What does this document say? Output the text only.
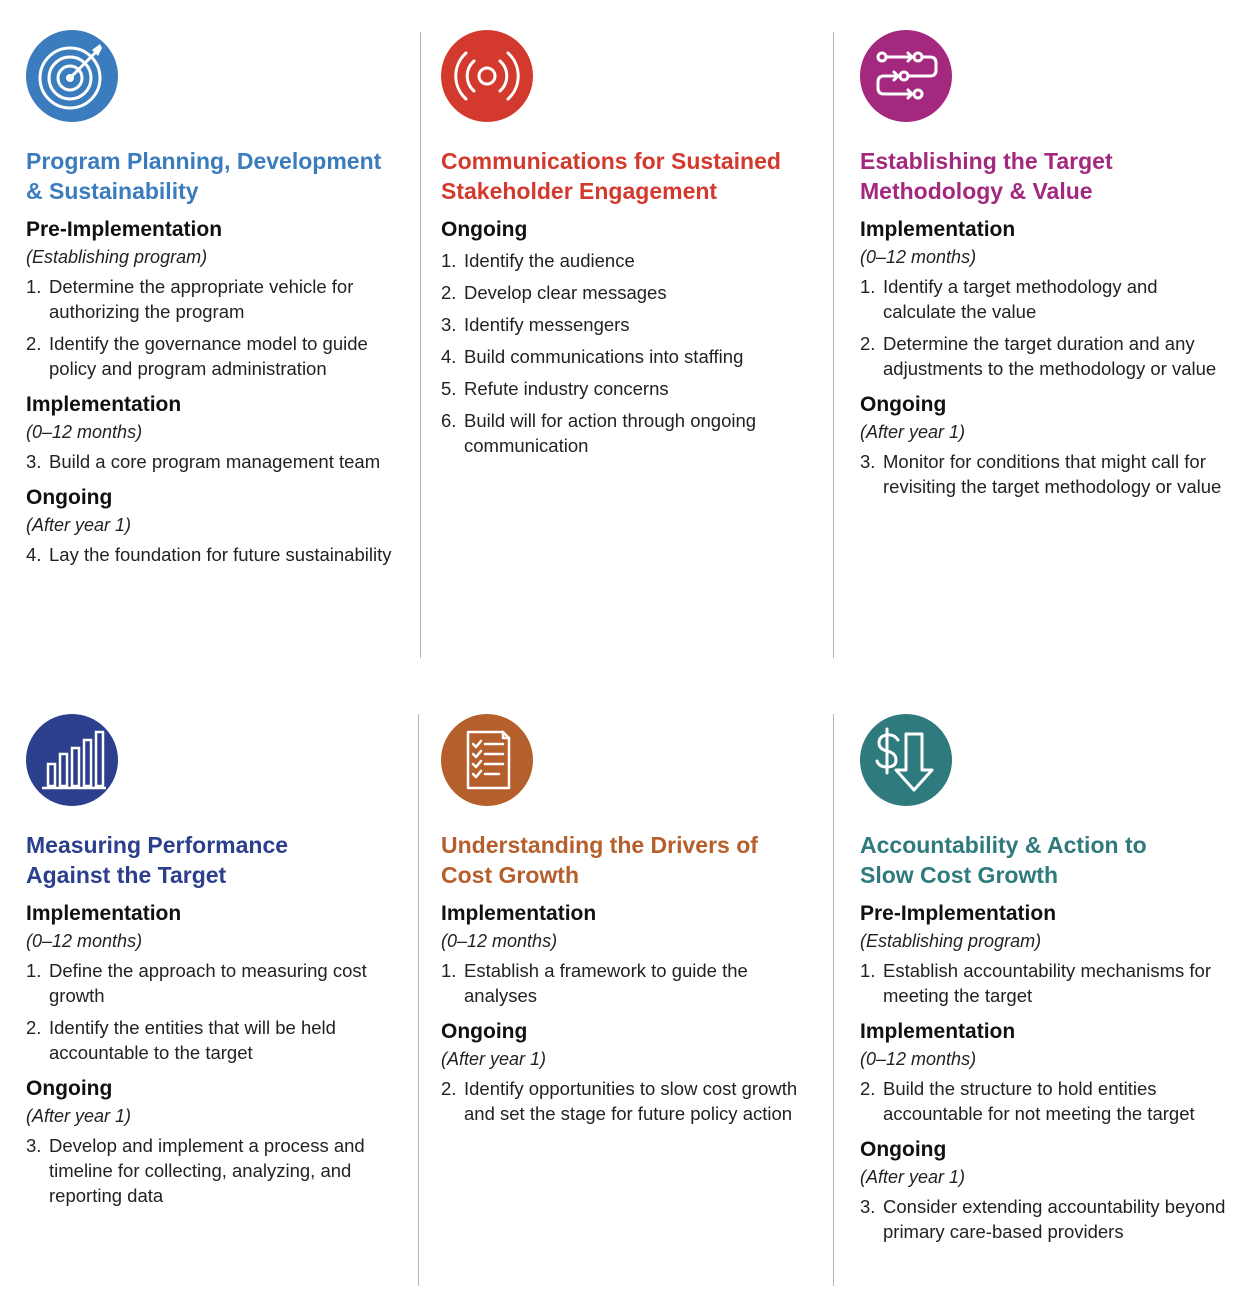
Program Planning, Development & Sustainability
Pre-Implementation
(Establishing program)
1. Determine the appropriate vehicle for authorizing the program
2. Identify the governance model to guide policy and program administration
Implementation
(0–12 months)
3. Build a core program management team
Ongoing
(After year 1)
4. Lay the foundation for future sustainability
Communications for Sustained Stakeholder Engagement
Ongoing
1. Identify the audience
2. Develop clear messages
3. Identify messengers
4. Build communications into staffing
5. Refute industry concerns
6. Build will for action through ongoing communication
Establishing the Target Methodology & Value
Implementation
(0–12 months)
1. Identify a target methodology and calculate the value
2. Determine the target duration and any adjustments to the methodology or value
Ongoing
(After year 1)
3. Monitor for conditions that might call for revisiting the target methodology or value
Measuring Performance Against the Target
Implementation
(0–12 months)
1. Define the approach to measuring cost growth
2. Identify the entities that will be held accountable to the target
Ongoing
(After year 1)
3. Develop and implement a process and timeline for collecting, analyzing, and reporting data
Understanding the Drivers of Cost Growth
Implementation
(0–12 months)
1. Establish a framework to guide the analyses
Ongoing
(After year 1)
2. Identify opportunities to slow cost growth and set the stage for future policy action
Accountability & Action to Slow Cost Growth
Pre-Implementation
(Establishing program)
1. Establish accountability mechanisms for meeting the target
Implementation
(0–12 months)
2. Build the structure to hold entities accountable for not meeting the target
Ongoing
(After year 1)
3. Consider extending accountability beyond primary care-based providers
